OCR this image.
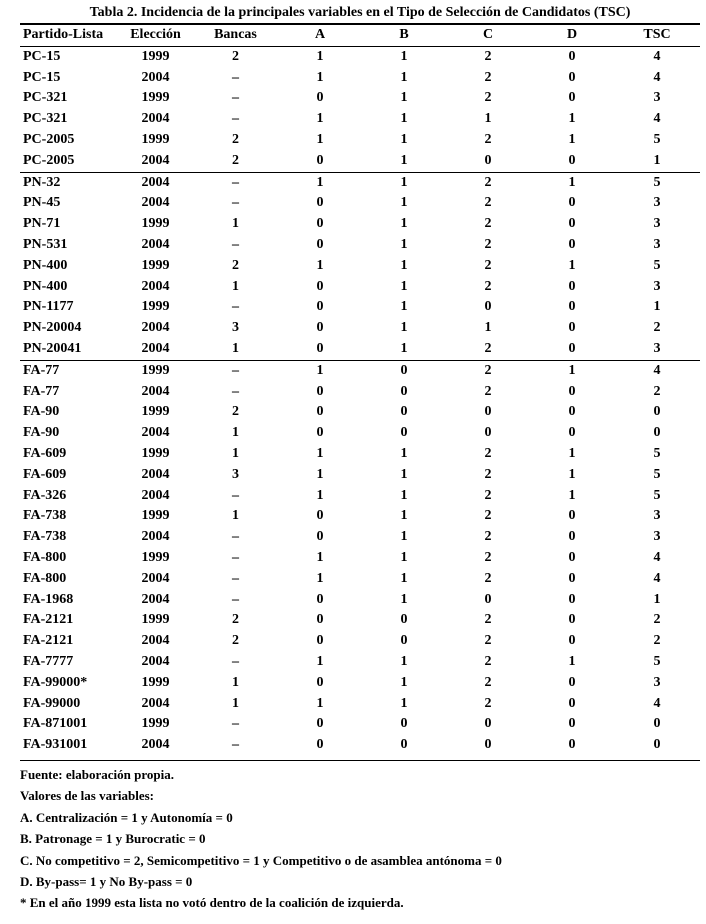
Tabla 2. Incidencia de la principales variables en el Tipo de Selección de Candidatos (TSC)
Partido-Lista	Elección	Bancas	A	B	C	D	TSC
PC-15	1999	2	1	1	2	0	4
PC-15	2004	–	1	1	2	0	4
PC-321	1999	–	0	1	2	0	3
PC-321	2004	–	1	1	1	1	4
PC-2005	1999	2	1	1	2	1	5
PC-2005	2004	2	0	1	0	0	1
PN-32	2004	–	1	1	2	1	5
PN-45	2004	–	0	1	2	0	3
PN-71	1999	1	0	1	2	0	3
PN-531	2004	–	0	1	2	0	3
PN-400	1999	2	1	1	2	1	5
PN-400	2004	1	0	1	2	0	3
PN-1177	1999	–	0	1	0	0	1
PN-20004	2004	3	0	1	1	0	2
PN-20041	2004	1	0	1	2	0	3
FA-77	1999	–	1	0	2	1	4
FA-77	2004	–	0	0	2	0	2
FA-90	1999	2	0	0	0	0	0
FA-90	2004	1	0	0	0	0	0
FA-609	1999	1	1	1	2	1	5
FA-609	2004	3	1	1	2	1	5
FA-326	2004	–	1	1	2	1	5
FA-738	1999	1	0	1	2	0	3
FA-738	2004	–	0	1	2	0	3
FA-800	1999	–	1	1	2	0	4
FA-800	2004	–	1	1	2	0	4
FA-1968	2004	–	0	1	0	0	1
FA-2121	1999	2	0	0	2	0	2
FA-2121	2004	2	0	0	2	0	2
FA-7777	2004	–	1	1	2	1	5
FA-99000*	1999	1	0	1	2	0	3
FA-99000	2004	1	1	1	2	0	4
FA-871001	1999	–	0	0	0	0	0
FA-931001	2004	–	0	0	0	0	0
Fuente: elaboración propia.
Valores de las variables:
A. Centralización = 1 y Autonomía = 0
B. Patronage = 1 y Burocratic = 0
C. No competitivo = 2, Semicompetitivo = 1 y Competitivo o de asamblea antónoma = 0
D. By-pass= 1 y No By-pass = 0
* En el año 1999 esta lista no votó dentro de la coalición de izquierda.
